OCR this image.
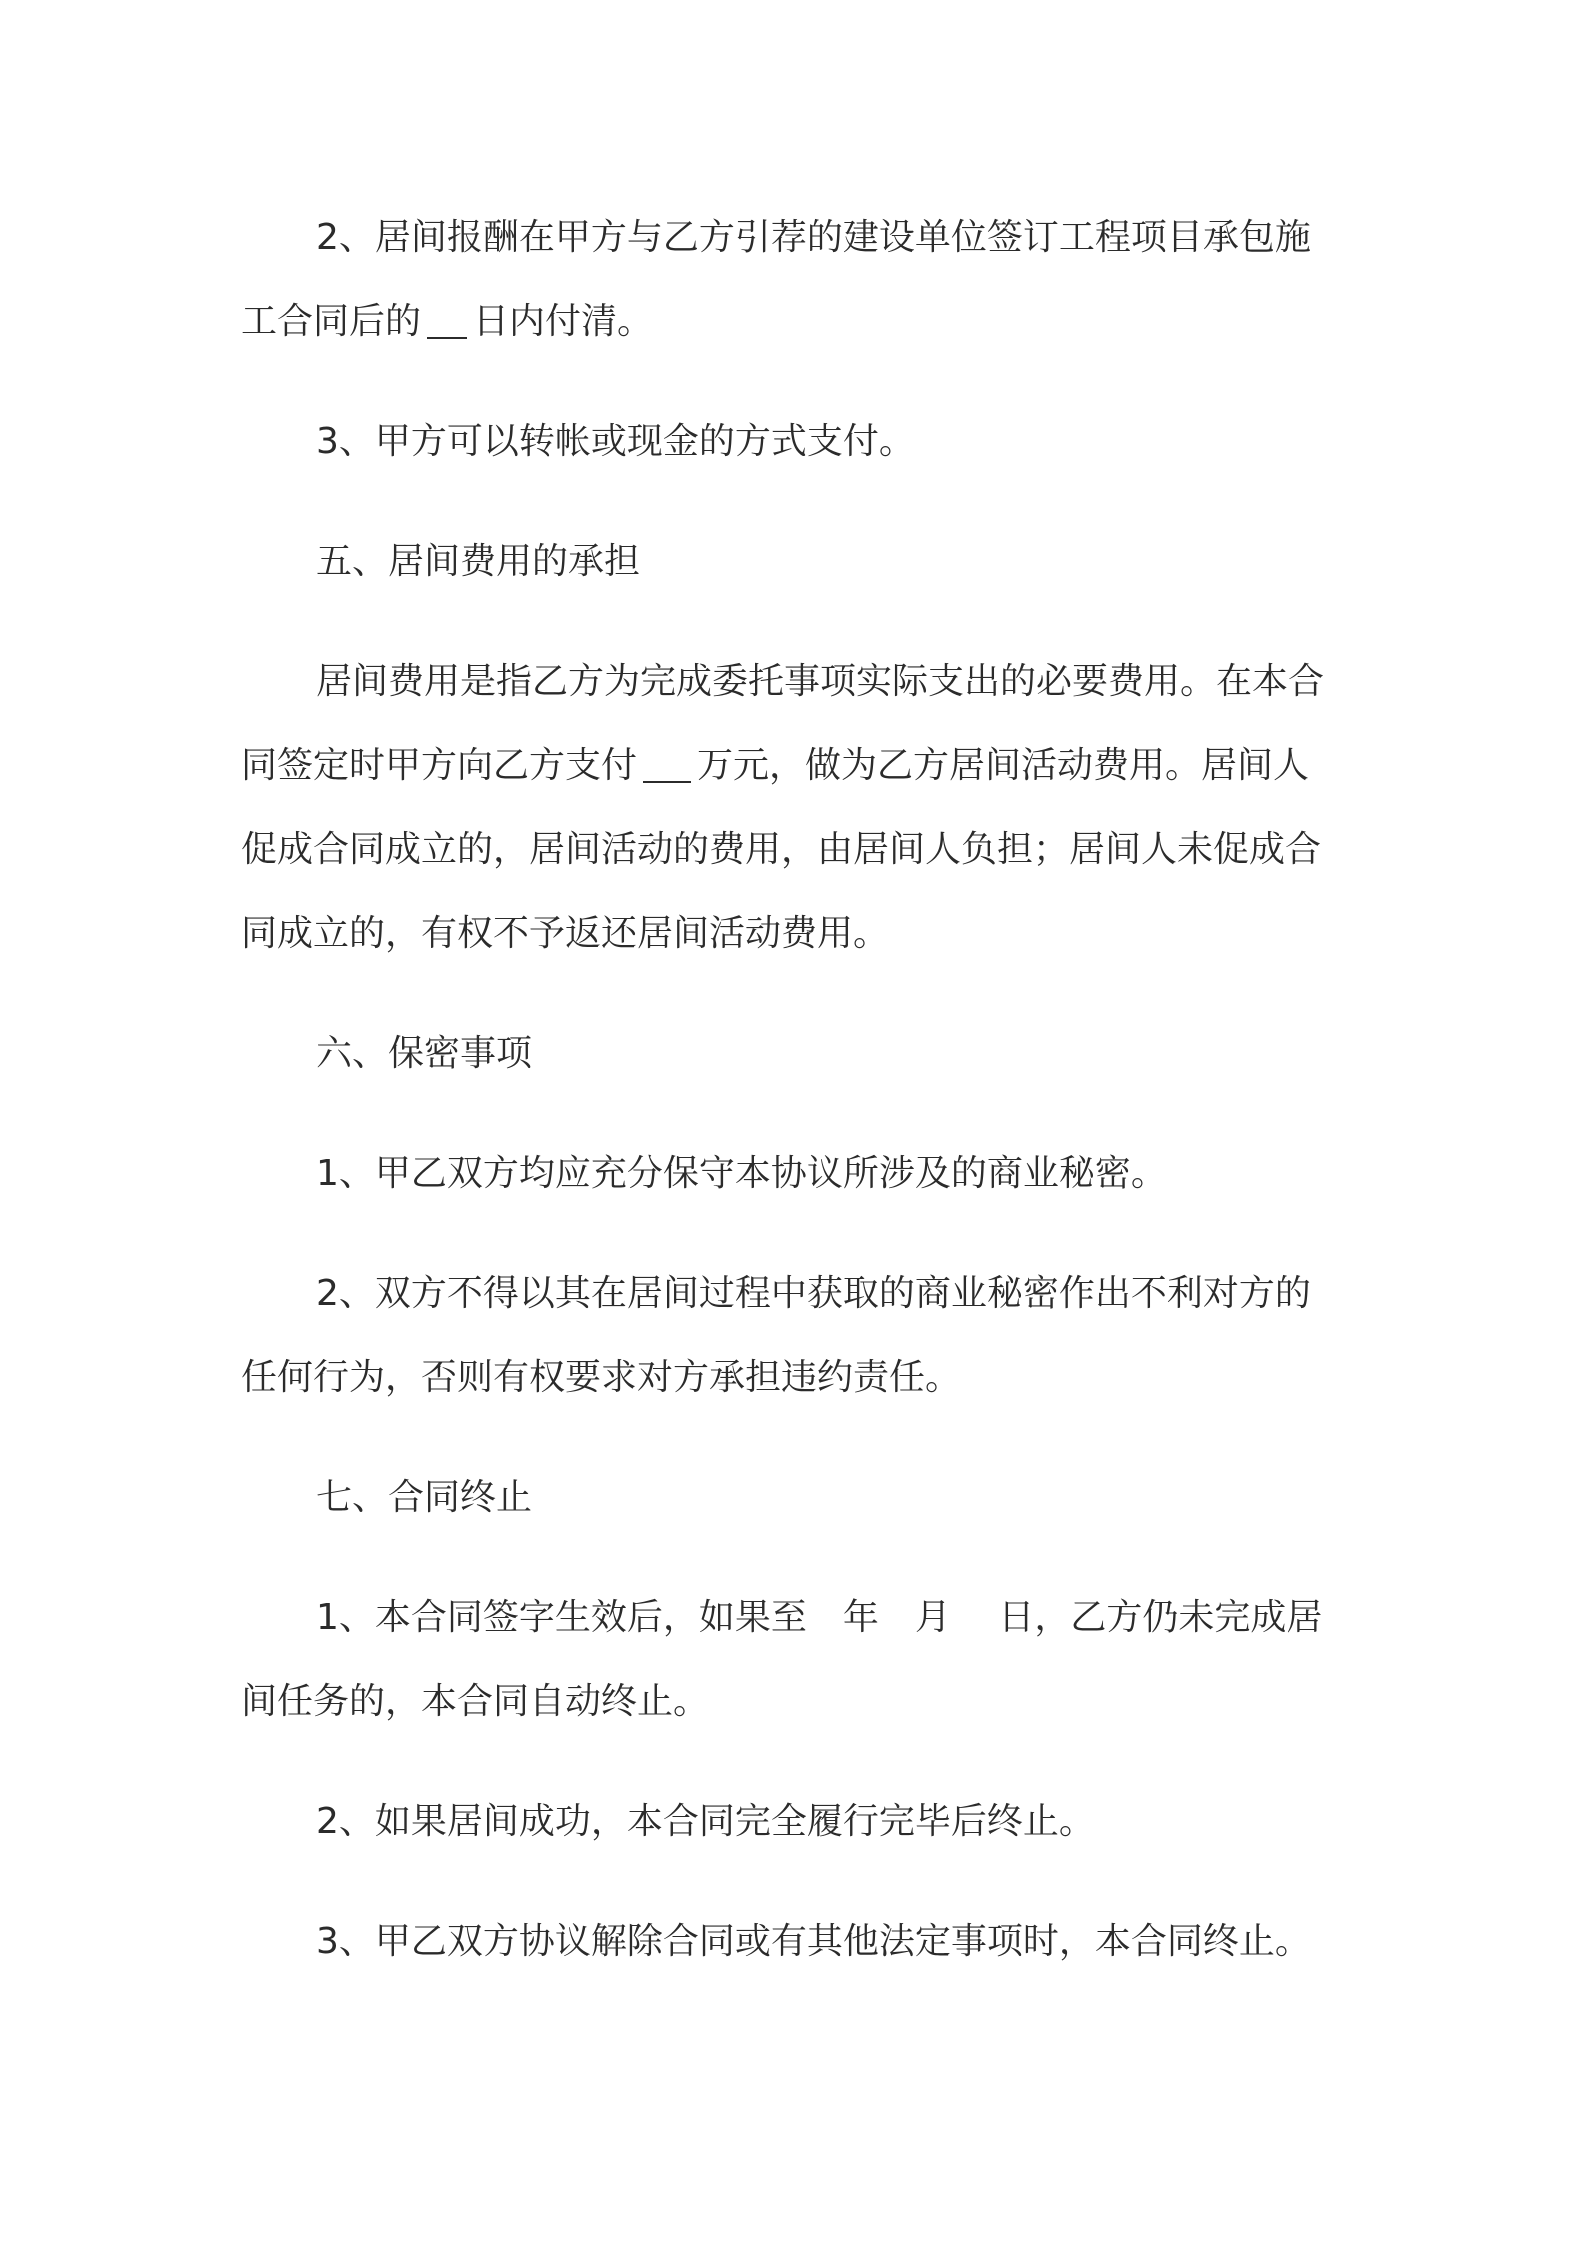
2、居间报酬在甲方与乙方引荐的建设单位签订工程项目承包施
工合同后的 日内付清。

3、甲方可以转帐或现金的方式支付。

五、居间费用的承担

居间费用是指乙方为完成委托事项实际支出的必要费用。在本合
同签定时甲方向乙方支付 万元，做为乙方居间活动费用。居间人
促成合同成立的，居间活动的费用，由居间人负担；居间人未促成合
同成立的，有权不予返还居间活动费用。

六、保密事项

1、甲乙双方均应充分保守本协议所涉及的商业秘密。

2、双方不得以其在居间过程中获取的商业秘密作出不利对方的
任何行为，否则有权要求对方承担违约责任。

七、合同终止

1、本合同签字生效后，如果至　年　月　 日，乙方仍未完成居
间任务的，本合同自动终止。

2、如果居间成功，本合同完全履行完毕后终止。

3、甲乙双方协议解除合同或有其他法定事项时，本合同终止。
